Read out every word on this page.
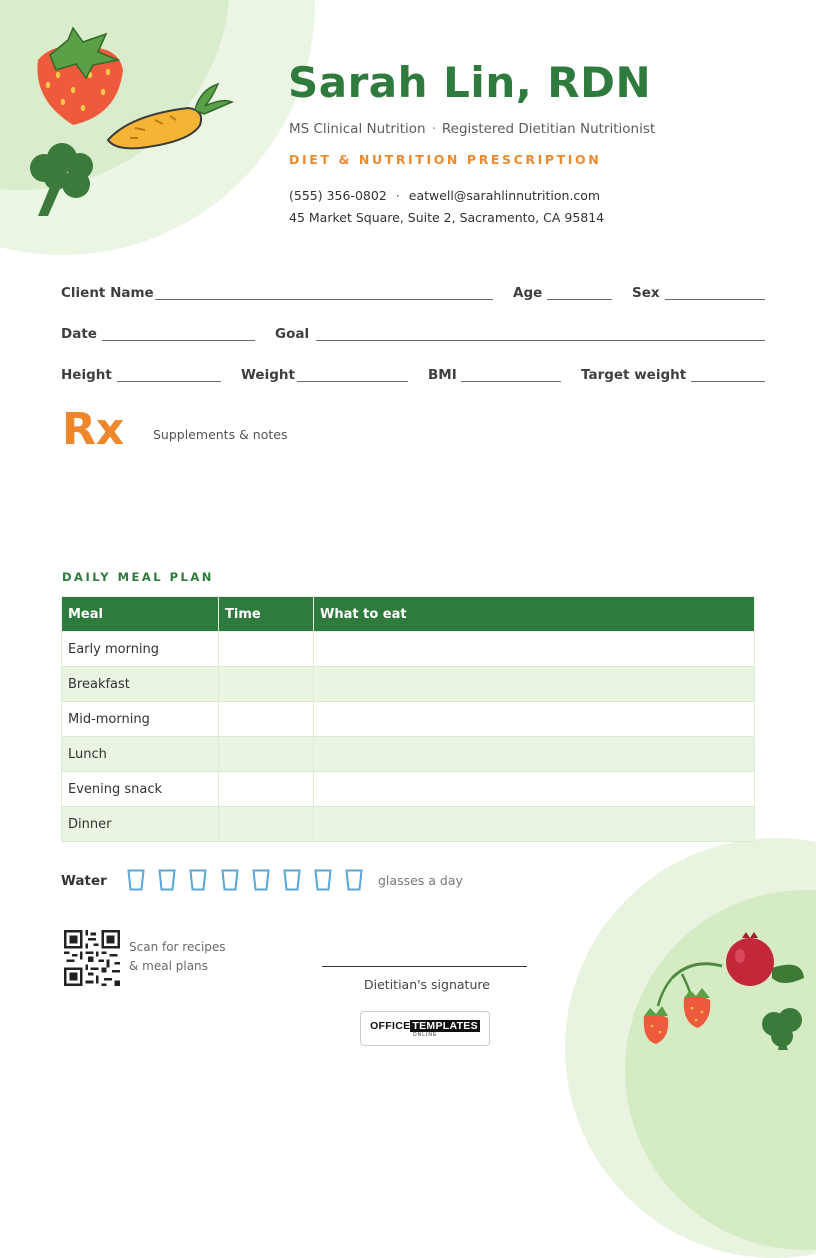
Sarah Lin, RDN
MS Clinical Nutrition · Registered Dietitian Nutritionist
DIET & NUTRITION PRESCRIPTION
(555) 356-0802 · eatwell@sarahlinnutrition.com
45 Market Square, Suite 2, Sacramento, CA 95814
Client Name	Age	Sex
Date	Goal
Height	Weight	BMI	Target weight
Rx Supplements & notes
DAILY MEAL PLAN
Meal	Time	What to eat
Early morning		
Breakfast		
Mid-morning		
Lunch		
Evening snack		
Dinner		
Water	glasses a day
Scan for recipes
& meal plans
Dietitian's signature
OFFICE TEMPLATES
ONLINE
